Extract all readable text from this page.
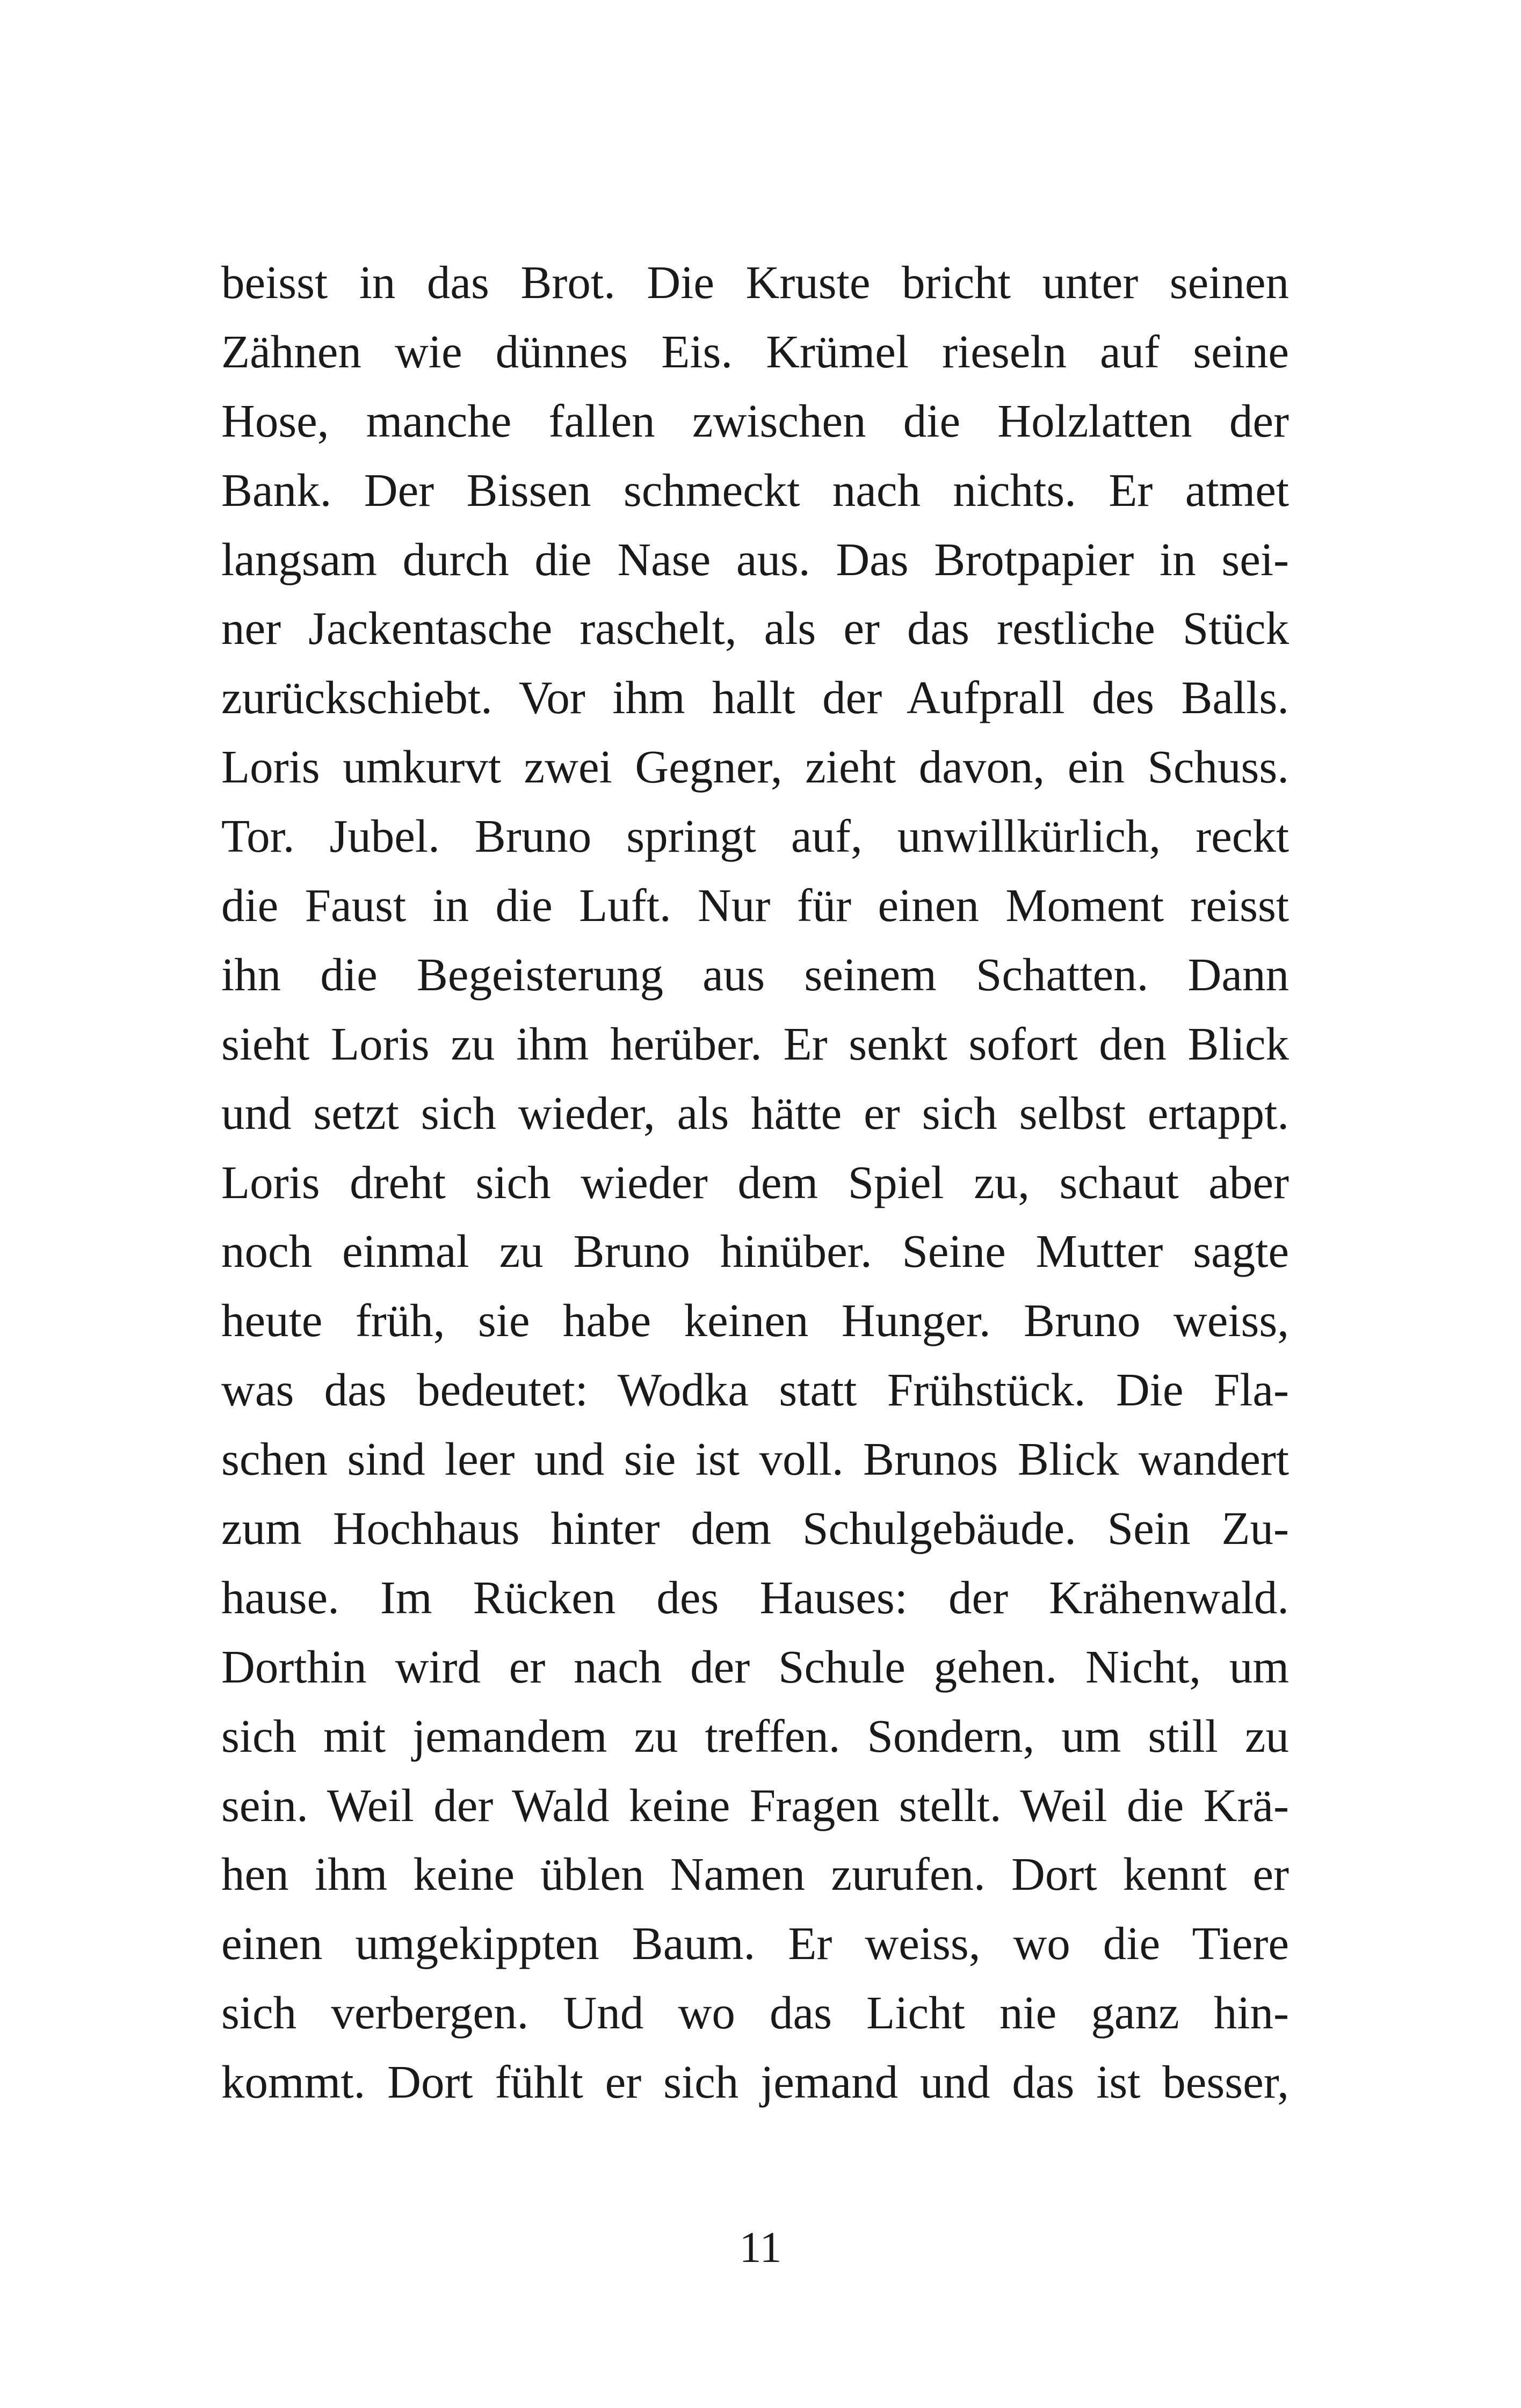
beisst in das Brot. Die Kruste bricht unter seinen
Zähnen wie dünnes Eis. Krümel rieseln auf seine
Hose, manche fallen zwischen die Holzlatten der
Bank. Der Bissen schmeckt nach nichts. Er atmet
langsam durch die Nase aus. Das Brotpapier in sei-
ner Jackentasche raschelt, als er das restliche Stück
zurückschiebt. Vor ihm hallt der Aufprall des Balls.
Loris umkurvt zwei Gegner, zieht davon, ein Schuss.
Tor. Jubel. Bruno springt auf, unwillkürlich, reckt
die Faust in die Luft. Nur für einen Moment reisst
ihn die Begeisterung aus seinem Schatten. Dann
sieht Loris zu ihm herüber. Er senkt sofort den Blick
und setzt sich wieder, als hätte er sich selbst ertappt.
Loris dreht sich wieder dem Spiel zu, schaut aber
noch einmal zu Bruno hinüber. Seine Mutter sagte
heute früh, sie habe keinen Hunger. Bruno weiss,
was das bedeutet: Wodka statt Frühstück. Die Fla-
schen sind leer und sie ist voll. Brunos Blick wandert
zum Hochhaus hinter dem Schulgebäude. Sein Zu-
hause. Im Rücken des Hauses: der Krähenwald.
Dorthin wird er nach der Schule gehen. Nicht, um
sich mit jemandem zu treffen. Sondern, um still zu
sein. Weil der Wald keine Fragen stellt. Weil die Krä-
hen ihm keine üblen Namen zurufen. Dort kennt er
einen umgekippten Baum. Er weiss, wo die Tiere
sich verbergen. Und wo das Licht nie ganz hin-
kommt. Dort fühlt er sich jemand und das ist besser,
11
